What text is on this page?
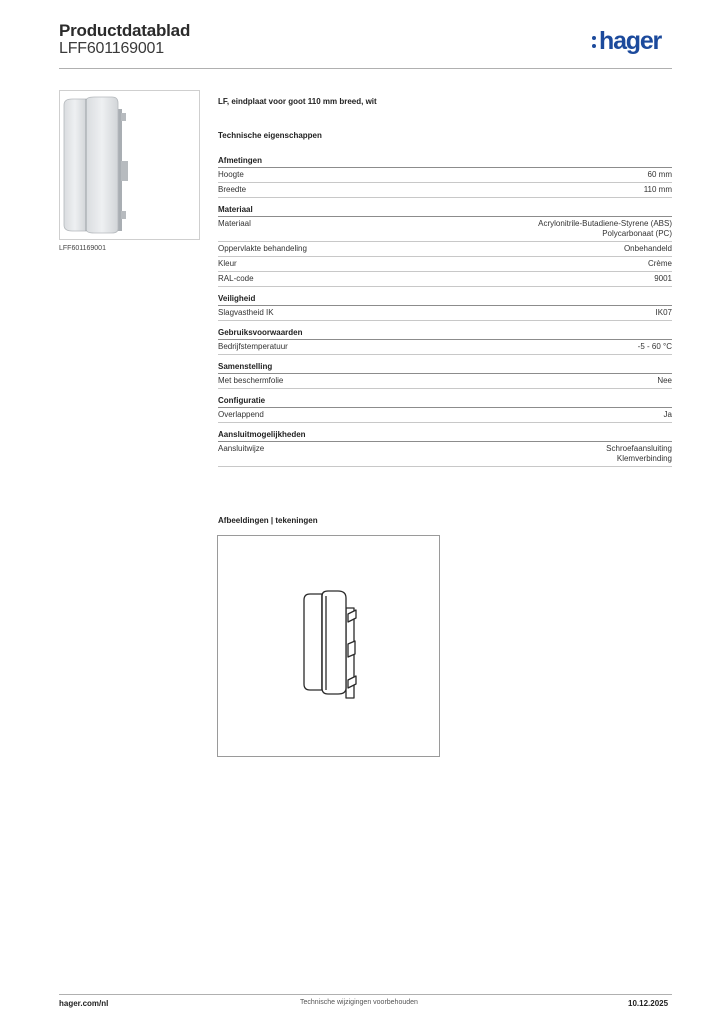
Productdatablad
LFF601169001	hager
LFF601169001
LF, eindplaat voor goot 110 mm breed, wit
Technische eigenschappen
Afmetingen
Hoogte	60 mm
Breedte	110 mm
Materiaal
Materiaal	Acrylonitrile-Butadiene-Styrene (ABS)
Polycarbonaat (PC)
Oppervlakte behandeling	Onbehandeld
Kleur	Crème
RAL-code	9001
Veiligheid
Slagvastheid IK	IK07
Gebruiksvoorwaarden
Bedrijfstemperatuur	-5 - 60 °C
Samenstelling
Met beschermfolie	Nee
Configuratie
Overlappend	Ja
Aansluitmogelijkheden
Aansluitwijze	Schroefaansluiting
Klemverbinding
Afbeeldingen | tekeningen
hager.com/nl	Technische wijzigingen voorbehouden	10.12.2025
